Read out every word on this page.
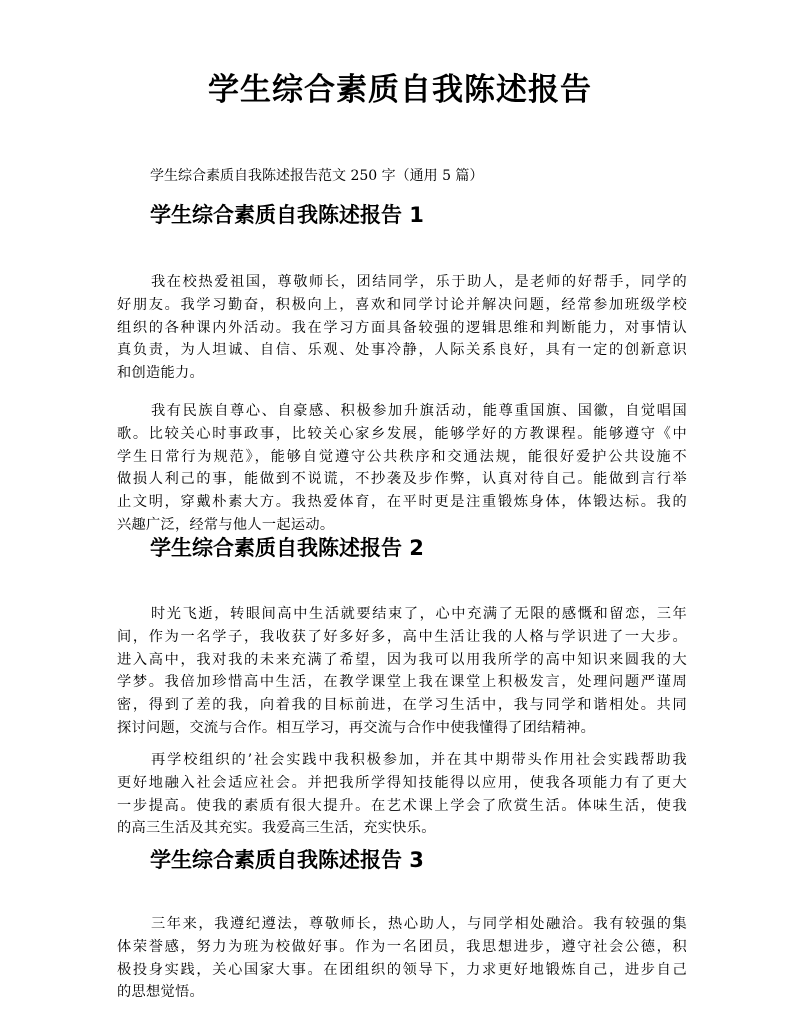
学生综合素质自我陈述报告

学生综合素质自我陈述报告范文 250 字（通用 5 篇）

学生综合素质自我陈述报告 1
我在校热爱祖国，尊敬师长，团结同学，乐于助人，是老师的好帮手，同学的
好朋友。我学习勤奋，积极向上，喜欢和同学讨论并解决问题，经常参加班级学校
组织的各种课内外活动。我在学习方面具备较强的逻辑思维和判断能力，对事情认
真负责，为人坦诚、自信、乐观、处事冷静，人际关系良好，具有一定的创新意识
和创造能力。
我有民族自尊心、自豪感、积极参加升旗活动，能尊重国旗、国徽，自觉唱国
歌。比较关心时事政事，比较关心家乡发展，能够学好的方教课程。能够遵守《中
学生日常行为规范》，能够自觉遵守公共秩序和交通法规，能很好爱护公共设施不
做损人利己的事，能做到不说谎，不抄袭及步作弊，认真对待自己。能做到言行举
止文明，穿戴朴素大方。我热爱体育，在平时更是注重锻炼身体，体锻达标。我的
兴趣广泛，经常与他人一起运动。
学生综合素质自我陈述报告 2
时光飞逝，转眼间高中生活就要结束了，心中充满了无限的感慨和留恋，三年
间，作为一名学子，我收获了好多好多，高中生活让我的人格与学识进了一大步。
进入高中，我对我的未来充满了希望，因为我可以用我所学的高中知识来圆我的大
学梦。我倍加珍惜高中生活，在教学课堂上我在课堂上积极发言，处理问题严谨周
密，得到了差的我，向着我的目标前进，在学习生活中，我与同学和谐相处。共同
探讨问题，交流与合作。相互学习，再交流与合作中使我懂得了团结精神。
再学校组织的’社会实践中我积极参加，并在其中期带头作用社会实践帮助我
更好地融入社会适应社会。并把我所学得知技能得以应用，使我各项能力有了更大
一步提高。使我的素质有很大提升。在艺术课上学会了欣赏生活。体味生活，使我
的高三生活及其充实。我爱高三生活，充实快乐。
学生综合素质自我陈述报告 3
三年来，我遵纪遵法，尊敬师长，热心助人，与同学相处融洽。我有较强的集
体荣誉感，努力为班为校做好事。作为一名团员，我思想进步，遵守社会公德，积
极投身实践，关心国家大事。在团组织的领导下，力求更好地锻炼自己，进步自己
的思想觉悟。
